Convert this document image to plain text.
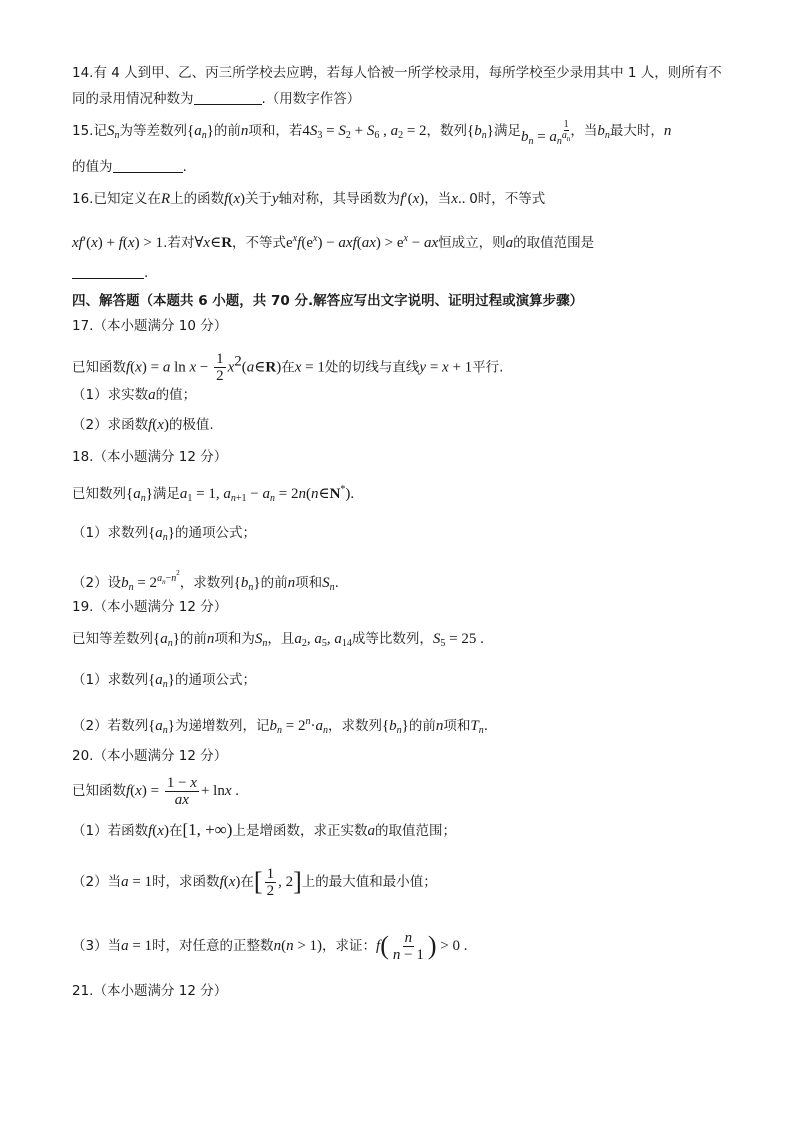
14.有 4 人到甲、乙、丙三所学校去应聘，若每人恰被一所学校录用，每所学校至少录用其中 1 人，则所有不
同的录用情况种数为	.（用数字作答）
15.记$S_n$为等差数列$\{a_n\}$的前n项和，若$4S_3 = S_2 + S_6$ , $a_2 = 2$，数列$\{b_n\}$满足$b_n = a_n$ $^{\frac{1}{a_n}}$ ，当$b_n$最大时，n
的值为	.
16.已知定义在R上的函数f(x)关于y轴对称，其导函数为f′(x)，当x.. 0时，不等式
xf′(x) + f(x) > 1.若对∀x∈R，不等式$e^xf(e^x) - axf(ax) > e^x$ − ax恒成立，则a的取值范围是
.
四、解答题（本题共 6 小题，共 70 分.解答应写出文字说明、证明过程或演算步骤）
17.（本小题满分 10 分）
已知函数f(x) = a $\ln x - \frac{1}{2}$ $x^2(a\in R)$在x = 1处的切线与直线y = x + 1平行.
（1）求实数a的值；
（2）求函数f(x)的极值.
18.（本小题满分 12 分）
已知数列$\{a_n\}$满足$a_1 = 1$, $a_{n+1} - a_n$ = 2n(n∈N*).
（1）求数列$\{a_n\}$的通项公式；
（2）设$b_n = 2^{a_n-n^2}$，求数列$\{b_n\}$的前n项和$S_n$.
19.（本小题满分 12 分）
已知等差数列$\{a_n\}$的前n项和为$S_n$，且$a_2$, $a_5$, $a_{14}$成等比数列，$S_5 = 25$ .
（1）求数列$\{a_n\}$的通项公式；
（2）若数列$\{a_n\}$为递增数列，记$b_n = 2^n\cdot a_n$，求数列$\{b_n\}$的前n项和$T_n$.
20.（本小题满分 12 分）
已知函数$f(x) = \frac{1 - x}{ax} + \ln x$ .
（1）若函数f(x)在[1, +∞)上是增函数，求正实数a的取值范围；
（2）当a = 1时，求函数f(x)在[ $\frac{1}{2}$ , 2]上的最大值和最小值；
（3）当a = 1时，对任意的正整数n(n > 1)，求证：$f( \frac{n}{n - 1}$ ) > 0 .
21.（本小题满分 12 分）
